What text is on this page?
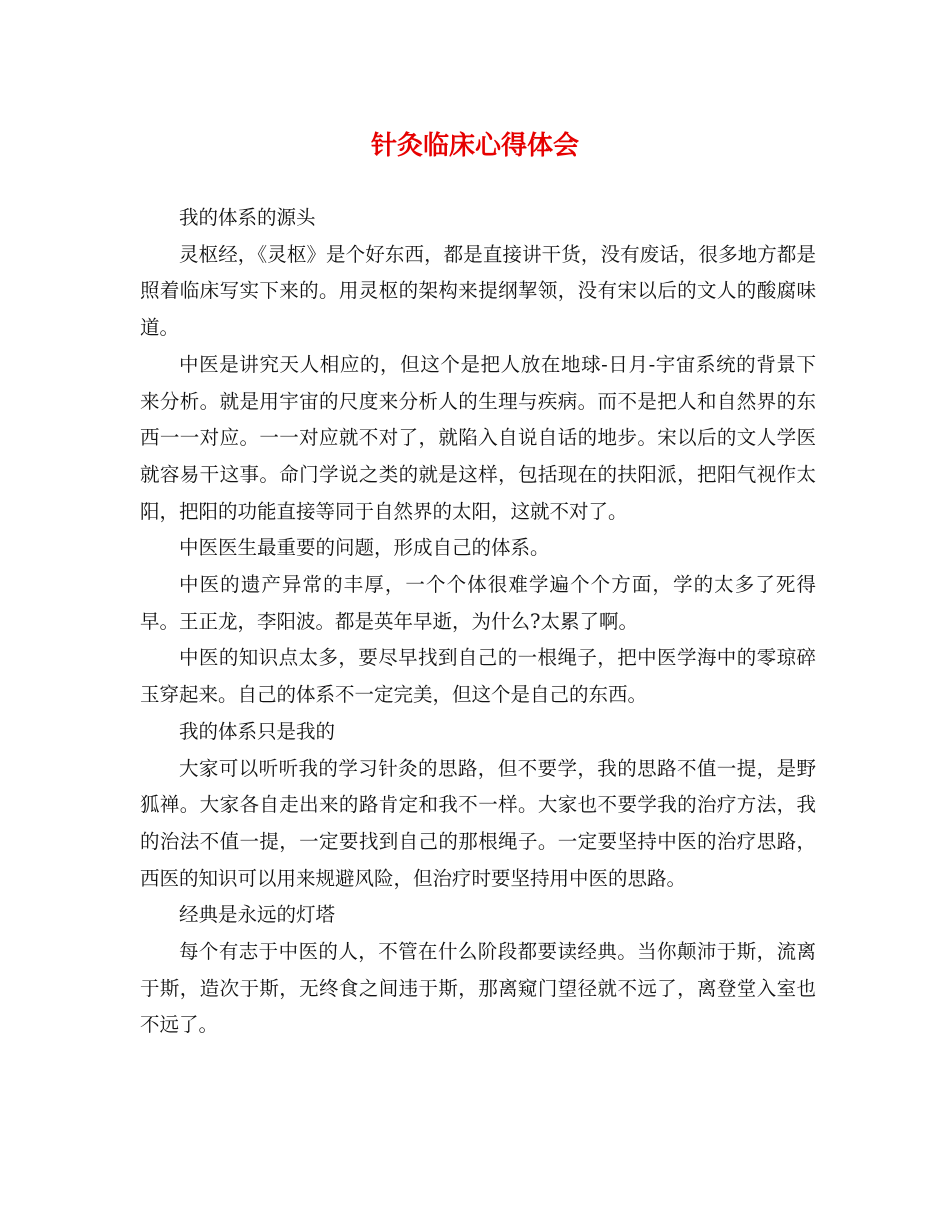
针灸临床心得体会

我的体系的源头

灵枢经，《灵枢》是个好东西，都是直接讲干货，没有废话，很多地方都是照着临床写实下来的。用灵枢的架构来提纲挈领，没有宋以后的文人的酸腐味道。

中医是讲究天人相应的，但这个是把人放在地球-日月-宇宙系统的背景下来分析。就是用宇宙的尺度来分析人的生理与疾病。而不是把人和自然界的东西一一对应。一一对应就不对了，就陷入自说自话的地步。宋以后的文人学医就容易干这事。命门学说之类的就是这样，包括现在的扶阳派，把阳气视作太阳，把阳的功能直接等同于自然界的太阳，这就不对了。

中医医生最重要的问题，形成自己的体系。

中医的遗产异常的丰厚，一个个体很难学遍个个方面，学的太多了死得早。王正龙，李阳波。都是英年早逝，为什么?太累了啊。

中医的知识点太多，要尽早找到自己的一根绳子，把中医学海中的零琼碎玉穿起来。自己的体系不一定完美，但这个是自己的东西。

我的体系只是我的

大家可以听听我的学习针灸的思路，但不要学，我的思路不值一提，是野狐禅。大家各自走出来的路肯定和我不一样。大家也不要学我的治疗方法，我的治法不值一提，一定要找到自己的那根绳子。一定要坚持中医的治疗思路，西医的知识可以用来规避风险，但治疗时要坚持用中医的思路。

经典是永远的灯塔

每个有志于中医的人，不管在什么阶段都要读经典。当你颠沛于斯，流离于斯，造次于斯，无终食之间违于斯，那离窥门望径就不远了，离登堂入室也不远了。
